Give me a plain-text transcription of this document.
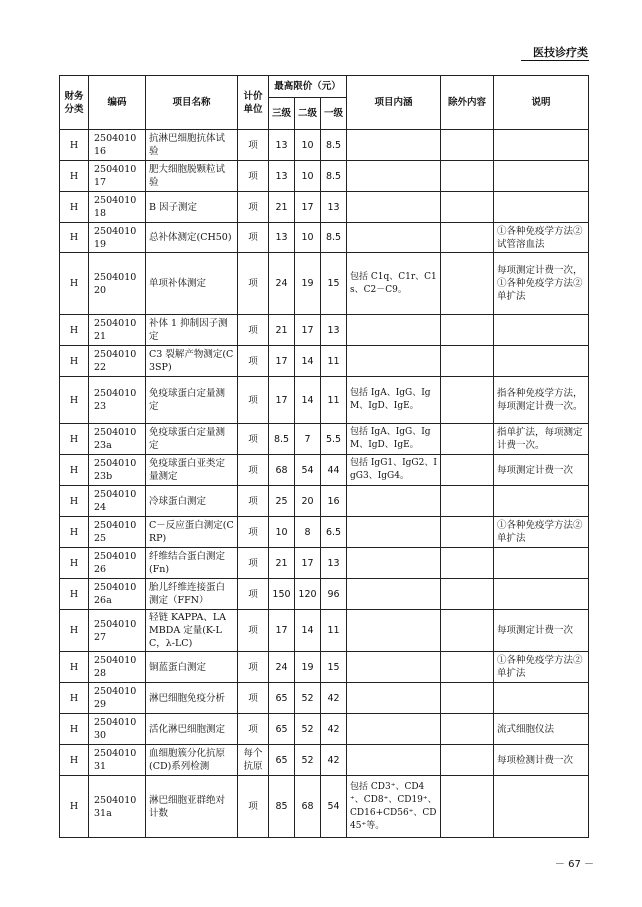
医技诊疗类
财务分类	编码	项目名称	计价单位	最高限价（元）			项目内涵	除外内容	说明
				三级	二级	一级			
H	250401016	抗淋巴细胞抗体试验	项	13	10	8.5			
H	250401017	肥大细胞脱颗粒试验	项	13	10	8.5			
H	250401018	B 因子测定	项	21	17	13			
H	250401019	总补体测定(CH50)	项	13	10	8.5			①各种免疫学方法②试管溶血法
H	250401020	单项补体测定	项	24	19	15	包括 C1q、C1r、C1s、C2－C9。		每项测定计费一次，①各种免疫学方法②单扩法
H	250401021	补体 1 抑制因子测定	项	21	17	13			
H	250401022	C3 裂解产物测定(C3SP)	项	17	14	11			
H	250401023	免疫球蛋白定量测定	项	17	14	11	包括 IgA、IgG、IgM、IgD、IgE。		指各种免疫学方法，每项测定计费一次。
H	250401023a	免疫球蛋白定量测定	项	8.5	7	5.5	包括 IgA、IgG、IgM、IgD、IgE。		指单扩法，每项测定计费一次。
H	250401023b	免疫球蛋白亚类定量测定	项	68	54	44	包括 IgG1、IgG2、IgG3、IgG4。		每项测定计费一次
H	250401024	冷球蛋白测定	项	25	20	16			
H	250401025	C－反应蛋白测定(CRP)	项	10	8	6.5			①各种免疫学方法②单扩法
H	250401026	纤维结合蛋白测定(Fn)	项	21	17	13			
H	250401026a	胎儿纤维连接蛋白测定（FFN）	项	150	120	96			
H	250401027	轻链 KAPPA、LAMBDA 定量(K-LC，λ-LC)	项	17	14	11			每项测定计费一次
H	250401028	铜蓝蛋白测定	项	24	19	15			①各种免疫学方法②单扩法
H	250401029	淋巴细胞免疫分析	项	65	52	42			
H	250401030	活化淋巴细胞测定	项	65	52	42			流式细胞仪法
H	250401031	血细胞簇分化抗原(CD)系列检测	每个抗原	65	52	42			每项检测计费一次
H	250401031a	淋巴细胞亚群绝对计数	项	85	68	54	包括 CD3⁺、CD4⁺、CD8⁺、CD19⁺、CD16+CD56⁺、CD45⁺等。		
－ 67 －
